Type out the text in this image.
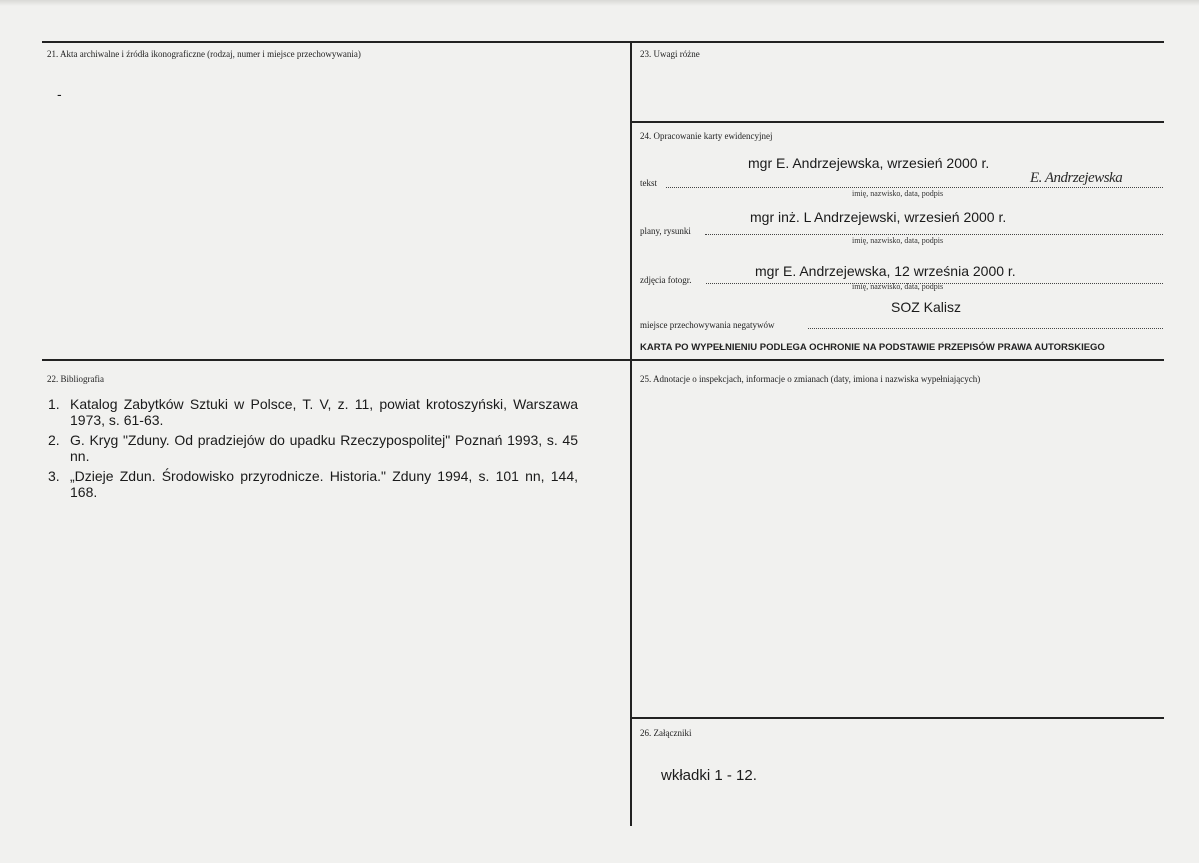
21. Akta archiwalne i źródła ikonograficzne (rodzaj, numer i miejsce przechowywania)
-
23. Uwagi różne
24. Opracowanie karty ewidencyjnej
mgr E. Andrzejewska, wrzesień 2000 r.
tekst
imię, nazwisko, data, podpis
E. Andrzejewska
mgr inż. L Andrzejewski, wrzesień 2000 r.
plany, rysunki
imię, nazwisko, data, podpis
mgr E. Andrzejewska, 12 września 2000 r.
zdjęcia fotogr.
imię, nazwisko, data, podpis
SOZ Kalisz
miejsce przechowywania negatywów
KARTA PO WYPEŁNIENIU PODLEGA OCHRONIE NA PODSTAWIE PRZEPISÓW PRAWA AUTORSKIEGO
22. Bibliografia
1. Katalog Zabytków Sztuki w Polsce, T. V, z. 11, powiat krotoszyński, Warszawa 1973, s. 61-63.
2. G. Kryg "Zduny. Od pradziejów do upadku Rzeczypospolitej" Poznań 1993, s. 45 nn.
3. „Dzieje Zdun. Środowisko przyrodnicze. Historia." Zduny 1994, s. 101 nn, 144, 168.
25. Adnotacje o inspekcjach, informacje o zmianach (daty, imiona i nazwiska wypełniających)
26. Załączniki
wkładki 1 - 12.
